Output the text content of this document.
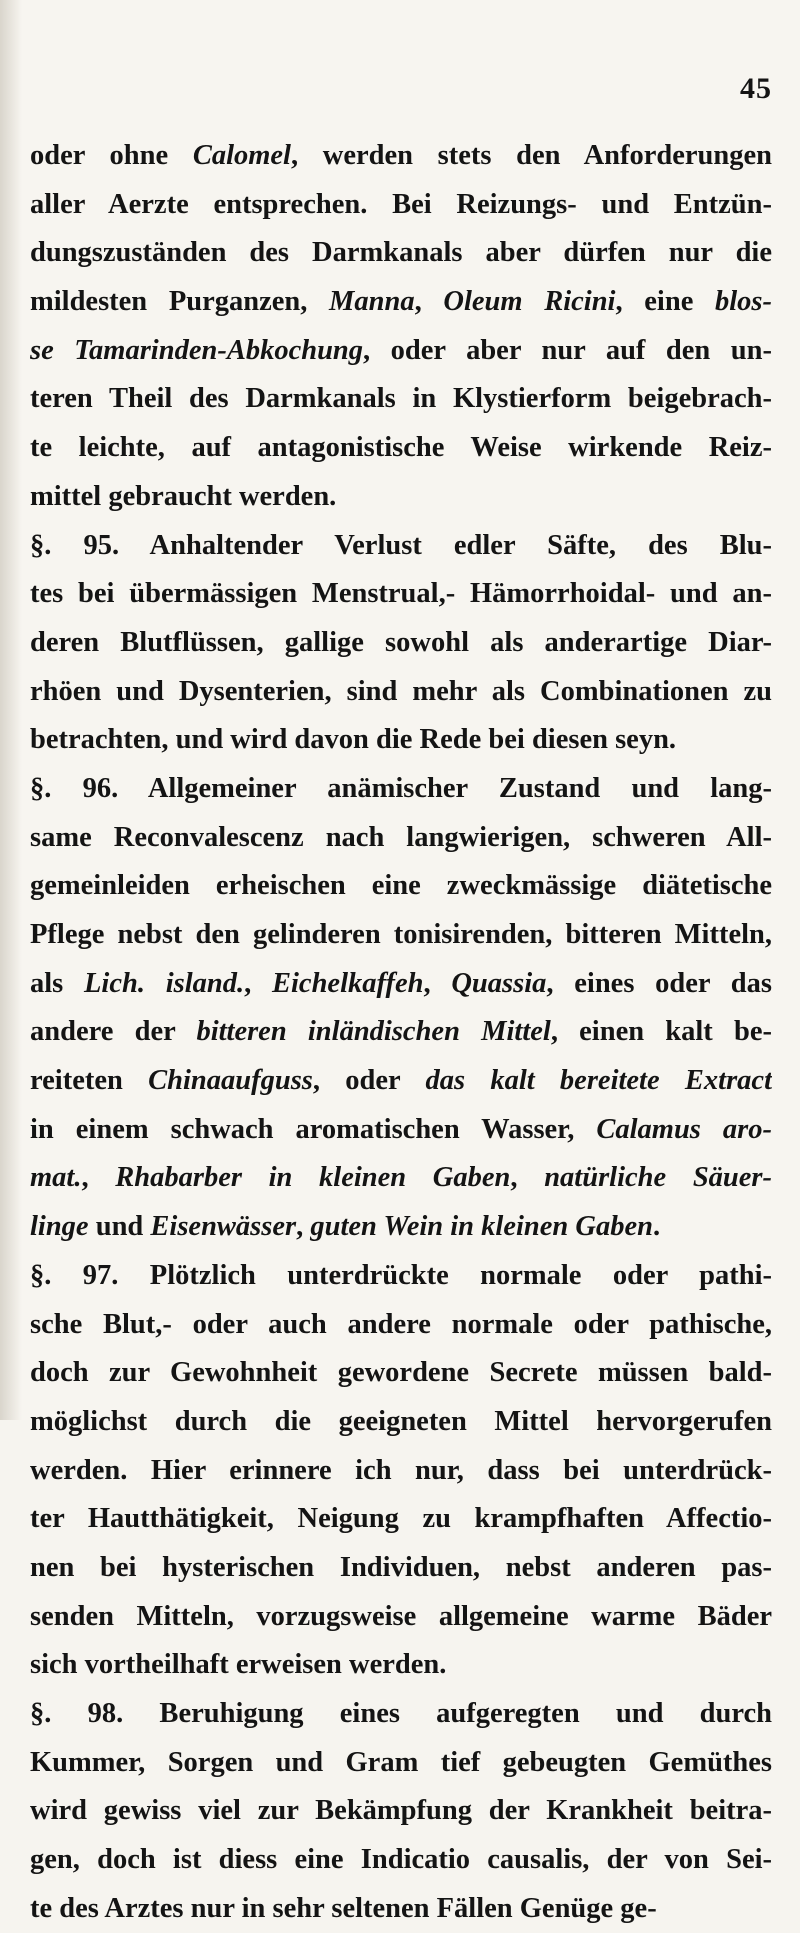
45
oder ohne Calomel, werden stets den Anforderungen
aller Aerzte entsprechen. Bei Reizungs- und Entzün-
dungszuständen des Darmkanals aber dürfen nur die
mildesten Purganzen, Manna, Oleum Ricini, eine blos-
se Tamarinden-Abkochung, oder aber nur auf den un-
teren Theil des Darmkanals in Klystierform beigebrach-
te leichte, auf antagonistische Weise wirkende Reiz-
mittel gebraucht werden.
§. 95. Anhaltender Verlust edler Säfte, des Blu-
tes bei übermässigen Menstrual,- Hämorrhoidal- und an-
deren Blutflüssen, gallige sowohl als anderartige Diar-
rhöen und Dysenterien, sind mehr als Combinationen zu
betrachten, und wird davon die Rede bei diesen seyn.
§. 96. Allgemeiner anämischer Zustand und lang-
same Reconvalescenz nach langwierigen, schweren All-
gemeinleiden erheischen eine zweckmässige diätetische
Pflege nebst den gelinderen tonisirenden, bitteren Mitteln,
als Lich. island., Eichelkaffeh, Quassia, eines oder das
andere der bitteren inländischen Mittel, einen kalt be-
reiteten Chinaaufguss, oder das kalt bereitete Extract
in einem schwach aromatischen Wasser, Calamus aro-
mat., Rhabarber in kleinen Gaben, natürliche Säuer-
linge und Eisenwässer, guten Wein in kleinen Gaben.
§. 97. Plötzlich unterdrückte normale oder pathi-
sche Blut,- oder auch andere normale oder pathische,
doch zur Gewohnheit gewordene Secrete müssen bald-
möglichst durch die geeigneten Mittel hervorgerufen
werden. Hier erinnere ich nur, dass bei unterdrück-
ter Hautthätigkeit, Neigung zu krampfhaften Affectio-
nen bei hysterischen Individuen, nebst anderen pas-
senden Mitteln, vorzugsweise allgemeine warme Bäder
sich vortheilhaft erweisen werden.
§. 98. Beruhigung eines aufgeregten und durch
Kummer, Sorgen und Gram tief gebeugten Gemüthes
wird gewiss viel zur Bekämpfung der Krankheit beitra-
gen, doch ist diess eine Indicatio causalis, der von Sei-
te des Arztes nur in sehr seltenen Fällen Genüge ge-
